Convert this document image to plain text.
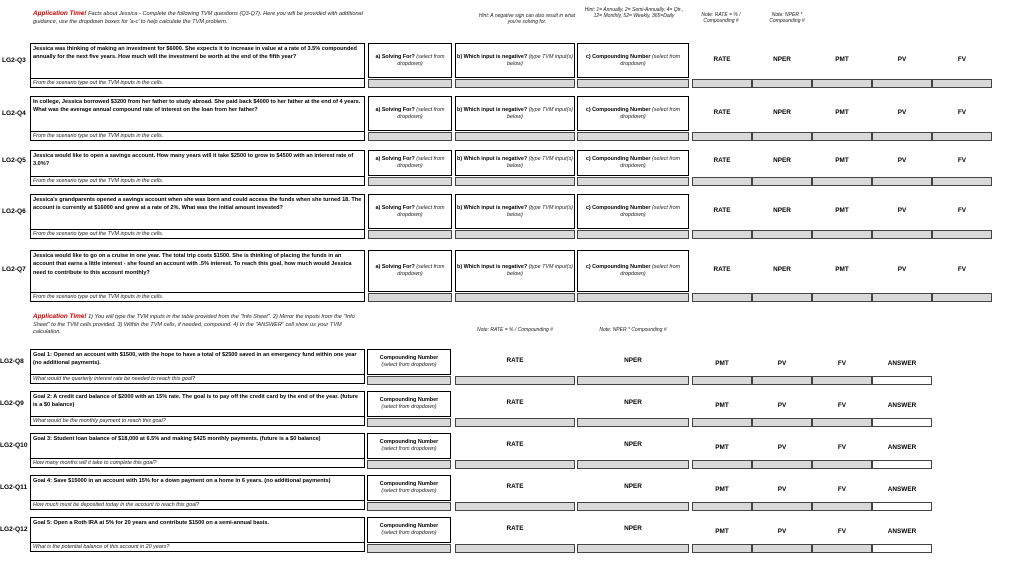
Application Time! Facts about Jessica - Complete the following TVM questions (Q3-Q7). Here you will be provided with additional guidance, use the dropdown boxes for 'a-c' to help calculate the TVM problem.
Hint: A negative sign can also result in what you're solving for.
Hint: 1= Annually, 2= Semi-Annually, 4= Qtr., 12= Monthly, 52= Weekly, 365=Daily	Note: RATE = % / Compounding #
Note: NPER * Compounding #
LG2-Q3
Jessica was thinking of making an investment for $6000. She expects it to increase in value at a rate of 3.5% compounded annually for the next five years. How much will the investment be worth at the end of the fifth year?
From the scenario type out the TVM inputs in the cells.
a) Solving For? (select from dropdown)
b) Which input is negative? (type TVM input(s) below)
c) Compounding Number (select from dropdown)
RATE	NPER	PMT	PV	FV
LG2-Q4
In college, Jessica borrowed $3200 from her father to study abroad. She paid back $4000 to her father at the end of 4 years. What was the average annual compound rate of interest on the loan from her father?
From the scenario type out the TVM inputs in the cells.
a) Solving For? (select from dropdown)
b) Which input is negative? (type TVM input(s) below)
c) Compounding Number (select from dropdown)
RATE	NPER	PMT	PV	FV
LG2-Q5
Jessica would like to open a savings account. How many years will it take $2500 to grow to $4500 with an interest rate of 3.0%?
From the scenario type out the TVM inputs in the cells.
a) Solving For? (select from dropdown)
b) Which input is negative? (type TVM input(s) below)
c) Compounding Number (select from dropdown)
RATE	NPER	PMT	PV	FV
LG2-Q6
Jessica's grandparents opened a savings account when she was born and could access the funds when she turned 18. The account is currently at $16000 and grew at a rate of 2%. What was the initial amount invested?
From the scenario type out the TVM inputs in the cells.
a) Solving For? (select from dropdown)
b) Which input is negative? (type TVM input(s) below)
c) Compounding Number (select from dropdown)
RATE	NPER	PMT	PV	FV
LG2-Q7
Jessica would like to go on a cruise in one year. The total trip costs $1500. She is thinking of placing the funds in an account that earns a little interest - she found an account with .5% interest. To reach this goal, how much would Jessica need to contribute to this account monthly?
From the scenario type out the TVM inputs in the cells.
a) Solving For? (select from dropdown)
b) Which input is negative? (type TVM input(s) below)
c) Compounding Number (select from dropdown)
RATE	NPER	PMT	PV	FV
Application Time! 1) You will type the TVM inputs in the table provided from the "Info Sheet". 2) Mirror the inputs from the "Info Sheet" to the TVM cells provided. 3) Within the TVM cells, if needed, compound. 4) In the "ANSWER" cell show us your TVM calculation.	Note: RATE = % / Compounding #	Note: NPER * Compounding #
LG2-Q8
Goal 1: Opened an account with $1500, with the hope to have a total of $2500 saved in an emergency fund within one year (no additional payments).
What would the quarterly interest rate be needed to reach this goal?
Compounding Number
(select from dropdown)
RATE	NPER	PMT	PV	FV	ANSWER
LG2-Q9
Goal 2: A credit card balance of $2000 with an 15% rate. The goal is to pay off the credit card by the end of the year. (future is a $0 balance)
What would be the monthly payment to reach this goal?
Compounding Number
(select from dropdown)
RATE	NPER	PMT	PV	FV	ANSWER
LG2-Q10
Goal 3: Student loan balance of $18,000 at 6.5% and making $425 monthly payments. (future is a $0 balance)
How many months will it take to complete this goal?
Compounding Number
(select from dropdown)
RATE	NPER	PMT	PV	FV	ANSWER
LG2-Q11
Goal 4: Save $15000 in an account with 15% for a down payment on a home in 6 years. (no additional payments)
How much must be deposited today in the account to reach this goal?
Compounding Number
(select from dropdown)
RATE	NPER	PMT	PV	FV	ANSWER
LG2-Q12
Goal 5: Open a Roth IRA at 5% for 20 years and contribute $1500 on a semi-annual basis.
What is the potential balance of this account in 20 years?
Compounding Number
(select from dropdown)
RATE	NPER	PMT	PV	FV	ANSWER
